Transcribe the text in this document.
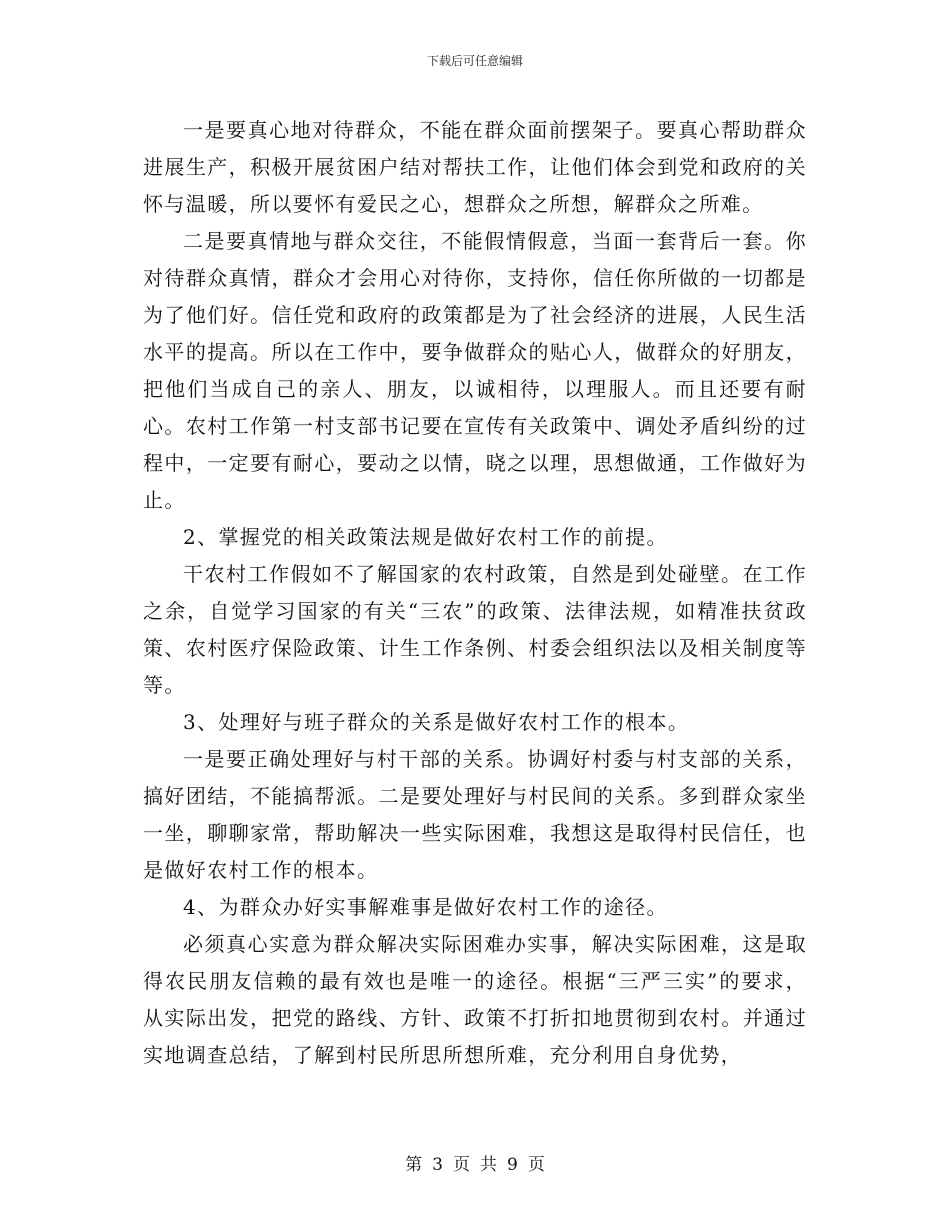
下载后可任意编辑

一是要真心地对待群众，不能在群众面前摆架子。要真心帮助群众进展生产，积极开展贫困户结对帮扶工作，让他们体会到党和政府的关怀与温暖，所以要怀有爱民之心，想群众之所想，解群众之所难。

二是要真情地与群众交往，不能假情假意，当面一套背后一套。你对待群众真情，群众才会用心对待你，支持你，信任你所做的一切都是为了他们好。信任党和政府的政策都是为了社会经济的进展，人民生活水平的提高。所以在工作中，要争做群众的贴心人，做群众的好朋友，把他们当成自己的亲人、朋友，以诚相待，以理服人。而且还要有耐心。农村工作第一村支部书记要在宣传有关政策中、调处矛盾纠纷的过程中，一定要有耐心，要动之以情，晓之以理，思想做通，工作做好为止。

2、掌握党的相关政策法规是做好农村工作的前提。

干农村工作假如不了解国家的农村政策，自然是到处碰壁。在工作之余，自觉学习国家的有关“三农”的政策、法律法规，如精准扶贫政策、农村医疗保险政策、计生工作条例、村委会组织法以及相关制度等等。

3、处理好与班子群众的关系是做好农村工作的根本。

一是要正确处理好与村干部的关系。协调好村委与村支部的关系，搞好团结，不能搞帮派。二是要处理好与村民间的关系。多到群众家坐一坐，聊聊家常，帮助解决一些实际困难，我想这是取得村民信任，也是做好农村工作的根本。

4、为群众办好实事解难事是做好农村工作的途径。

必须真心实意为群众解决实际困难办实事，解决实际困难，这是取得农民朋友信赖的最有效也是唯一的途径。根据“三严三实”的要求，从实际出发，把党的路线、方针、政策不打折扣地贯彻到农村。并通过实地调查总结，了解到村民所思所想所难，充分利用自身优势，

第 3 页 共 9 页
